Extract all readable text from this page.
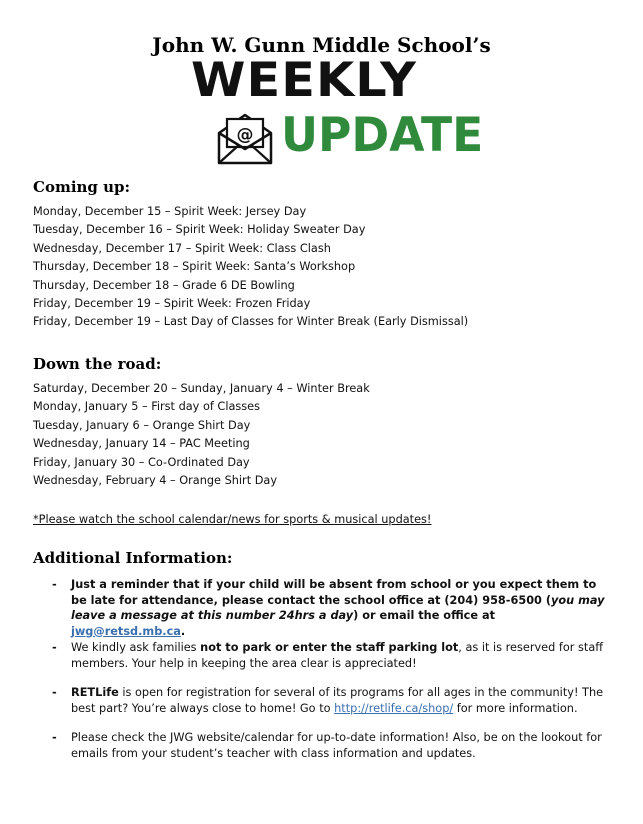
John W. Gunn Middle School’s
WEEKLY
@ UPDATE
Coming up:
Monday, December 15 – Spirit Week: Jersey Day
Tuesday, December 16 – Spirit Week: Holiday Sweater Day
Wednesday, December 17 – Spirit Week: Class Clash
Thursday, December 18 – Spirit Week: Santa’s Workshop
Thursday, December 18 – Grade 6 DE Bowling
Friday, December 19 – Spirit Week: Frozen Friday
Friday, December 19 – Last Day of Classes for Winter Break (Early Dismissal)
Down the road:
Saturday, December 20 – Sunday, January 4 – Winter Break
Monday, January 5 – First day of Classes
Tuesday, January 6 – Orange Shirt Day
Wednesday, January 14 – PAC Meeting
Friday, January 30 – Co-Ordinated Day
Wednesday, February 4 – Orange Shirt Day
*Please watch the school calendar/news for sports & musical updates!
Additional Information:
- Just a reminder that if your child will be absent from school or you expect them to be late for attendance, please contact the school office at (204) 958-6500 (you may leave a message at this number 24hrs a day) or email the office at jwg@retsd.mb.ca.
- We kindly ask families not to park or enter the staff parking lot, as it is reserved for staff members. Your help in keeping the area clear is appreciated!
- RETLife is open for registration for several of its programs for all ages in the community! The best part? You’re always close to home! Go to http://retlife.ca/shop/ for more information.
- Please check the JWG website/calendar for up-to-date information! Also, be on the lookout for emails from your student’s teacher with class information and updates.
